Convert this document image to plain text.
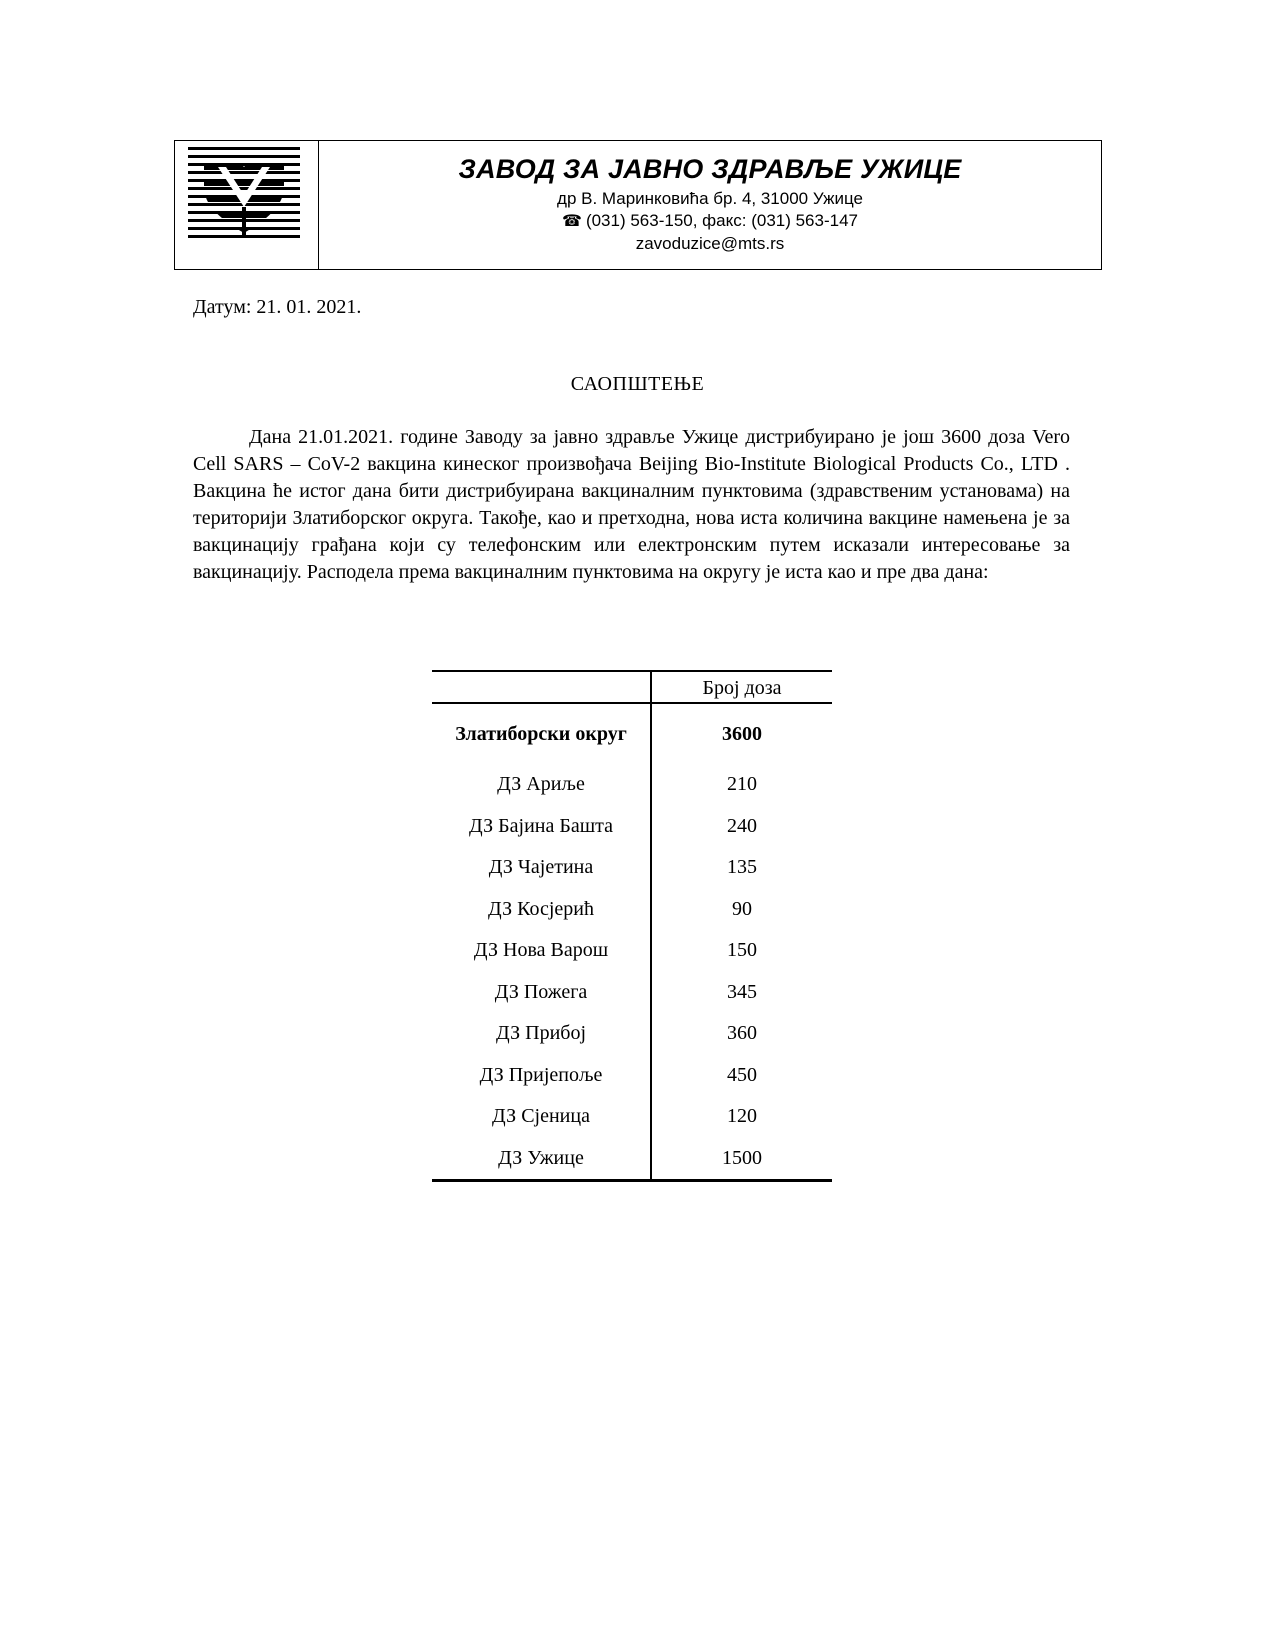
ЗАВОД ЗА ЈАВНО ЗДРАВЉЕ УЖИЦЕ
др В. Маринковића бр. 4, 31000 Ужице
☎ (031) 563-150, факс: (031) 563-147
zavoduzice@mts.rs
Датум: 21. 01. 2021.
САОПШТЕЊЕ

Дана 21.01.2021. године Заводу за јавно здравље Ужице дистрибуирано је још 3600 доза Vero Cell SARS – CoV-2 вакцина кинеског произвођача Beijing Bio-Institute Biological Products Co., LTD . Вакцина ће истог дана бити дистрибуирана вакциналним пунктовима (здравственим установама) на територији Златиборског округа. Такође, као и претходна, нова иста количина вакцине намењена је за вакцинацију грађана који су телефонским или електронским путем исказали интересовање за вакцинацију. Расподела према вакциналним пунктовима на округу је иста као и пре два дана:

	Број доза
Златиборски округ	3600
ДЗ Ариље	210
ДЗ Бајина Башта	240
ДЗ Чајетина	135
ДЗ Косјерић	90
ДЗ Нова Варош	150
ДЗ Пожега	345
ДЗ Прибој	360
ДЗ Пријепоље	450
ДЗ Сјеница	120
ДЗ Ужице	1500
